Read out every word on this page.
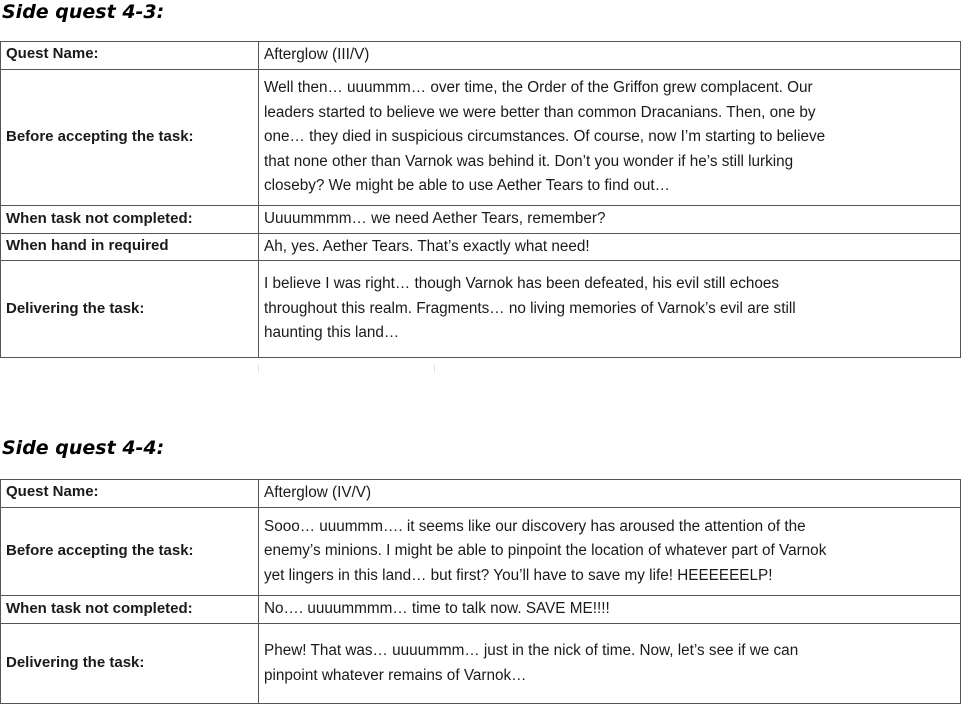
Side quest 4-3:
Quest Name:	Afterglow (III/V)

Before accepting the task:	Well then… uuummm… over time, the Order of the Griffon grew complacent. Our
leaders started to believe we were better than common Dracanians. Then, one by
one… they died in suspicious circumstances. Of course, now I’m starting to believe
that none other than Varnok was behind it. Don’t you wonder if he’s still lurking
closeby? We might be able to use Aether Tears to find out…

When task not completed:	Uuuummmm… we need Aether Tears, remember?

When hand in required	Ah, yes. Aether Tears. That’s exactly what need!

Delivering the task:	I believe I was right… though Varnok has been defeated, his evil still echoes
throughout this realm. Fragments… no living memories of Varnok’s evil are still
haunting this land…
Side quest 4-4:
Quest Name:	Afterglow (IV/V)

Before accepting the task:	Sooo… uuummm…. it seems like our discovery has aroused the attention of the
enemy’s minions. I might be able to pinpoint the location of whatever part of Varnok
yet lingers in this land… but first? You’ll have to save my life! HEEEEEELP!

When task not completed:	No…. uuuummmm… time to talk now. SAVE ME!!!!

Delivering the task:	Phew! That was… uuuummm… just in the nick of time. Now, let’s see if we can
pinpoint whatever remains of Varnok…
